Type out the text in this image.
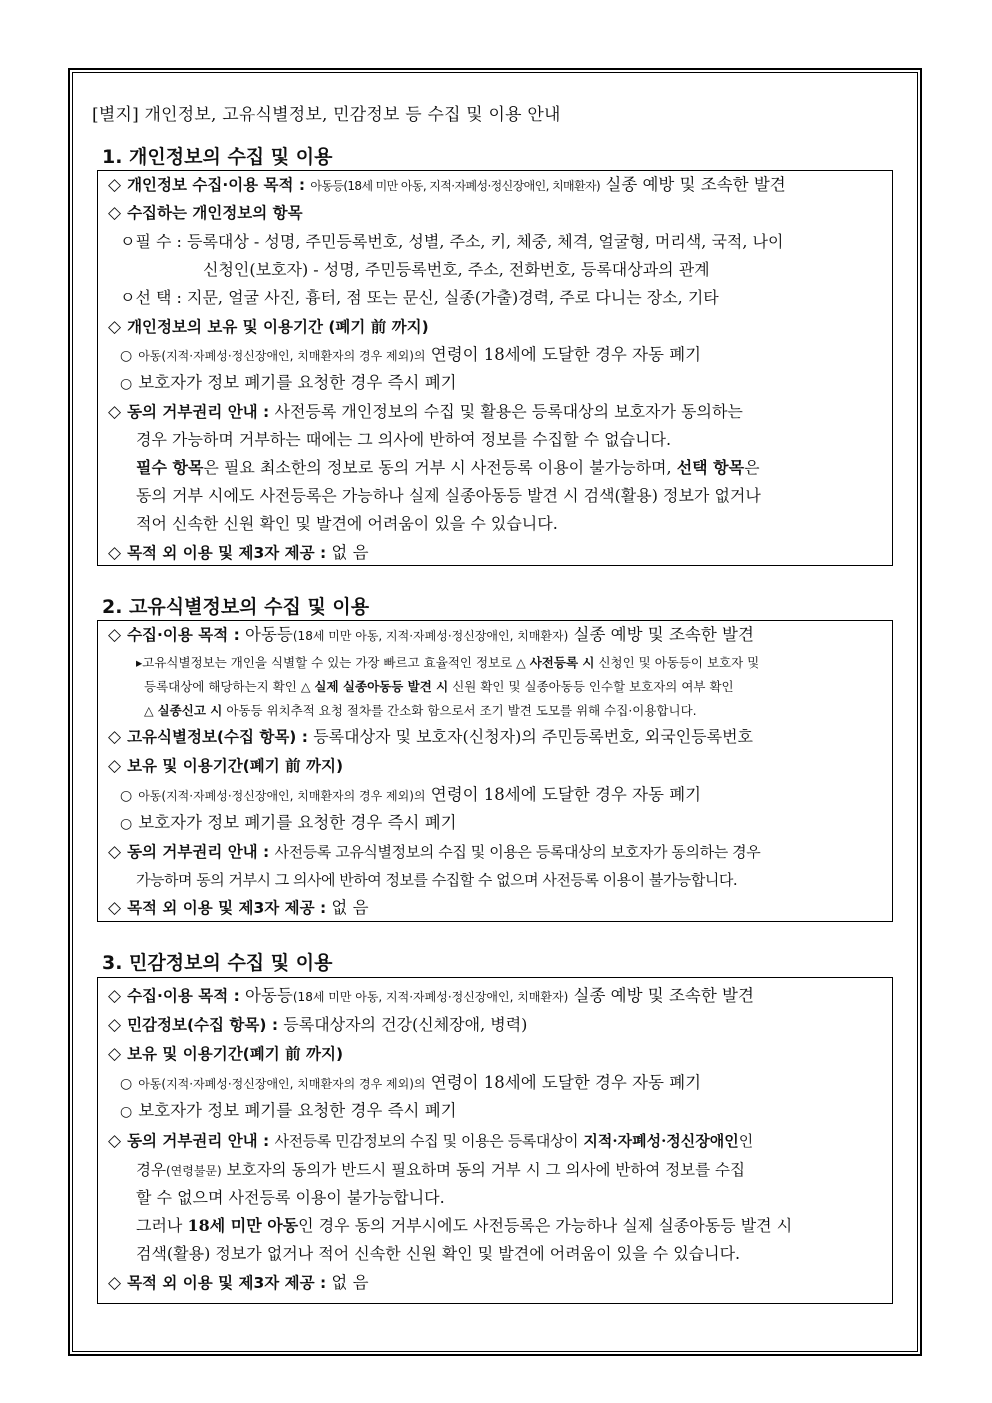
[별지] 개인정보, 고유식별정보, 민감정보 등 수집 및 이용 안내
1. 개인정보의 수집 및 이용
◇ 개인정보 수집·이용 목적 : 아동등(18세 미만 아동, 지적·자폐성·정신장애인, 치매환자) 실종 예방 및 조속한 발견
◇ 수집하는 개인정보의 항목
ㅇ필 수 : 등록대상 - 성명, 주민등록번호, 성별, 주소, 키, 체중, 체격, 얼굴형, 머리색, 국적, 나이
신청인(보호자) - 성명, 주민등록번호, 주소, 전화번호, 등록대상과의 관계
ㅇ선 택 : 지문, 얼굴 사진, 흉터, 점 또는 문신, 실종(가출)경력, 주로 다니는 장소, 기타
◇ 개인정보의 보유 및 이용기간 (폐기 前 까지)
○ 아동(지적·자폐성·정신장애인, 치매환자의 경우 제외)의 연령이 18세에 도달한 경우 자동 폐기
○ 보호자가 정보 폐기를 요청한 경우 즉시 폐기
◇ 동의 거부권리 안내 : 사전등록 개인정보의 수집 및 활용은 등록대상의 보호자가 동의하는
경우 가능하며 거부하는 때에는 그 의사에 반하여 정보를 수집할 수 없습니다.
필수 항목은 필요 최소한의 정보로 동의 거부 시 사전등록 이용이 불가능하며, 선택 항목은
동의 거부 시에도 사전등록은 가능하나 실제 실종아동등 발견 시 검색(활용) 정보가 없거나
적어 신속한 신원 확인 및 발견에 어려움이 있을 수 있습니다.
◇ 목적 외 이용 및 제3자 제공 : 없 음
2. 고유식별정보의 수집 및 이용
◇ 수집·이용 목적 : 아동등(18세 미만 아동, 지적·자폐성·정신장애인, 치매환자) 실종 예방 및 조속한 발견
▸고유식별정보는 개인을 식별할 수 있는 가장 빠르고 효율적인 정보로 △ 사전등록 시 신청인 및 아동등이 보호자 및
등록대상에 해당하는지 확인 △ 실제 실종아동등 발견 시 신원 확인 및 실종아동등 인수할 보호자의 여부 확인
△ 실종신고 시 아동등 위치추적 요청 절차를 간소화 함으로서 조기 발견 도모를 위해 수집·이용합니다.
◇ 고유식별정보(수집 항목) : 등록대상자 및 보호자(신청자)의 주민등록번호, 외국인등록번호
◇ 보유 및 이용기간(폐기 前 까지)
○ 아동(지적·자폐성·정신장애인, 치매환자의 경우 제외)의 연령이 18세에 도달한 경우 자동 폐기
○ 보호자가 정보 폐기를 요청한 경우 즉시 폐기
◇ 동의 거부권리 안내 : 사전등록 고유식별정보의 수집 및 이용은 등록대상의 보호자가 동의하는 경우
가능하며 동의 거부시 그 의사에 반하여 정보를 수집할 수 없으며 사전등록 이용이 불가능합니다.
◇ 목적 외 이용 및 제3자 제공 : 없 음
3. 민감정보의 수집 및 이용
◇ 수집·이용 목적 : 아동등(18세 미만 아동, 지적·자폐성·정신장애인, 치매환자) 실종 예방 및 조속한 발견
◇ 민감정보(수집 항목) : 등록대상자의 건강(신체장애, 병력)
◇ 보유 및 이용기간(폐기 前 까지)
○ 아동(지적·자폐성·정신장애인, 치매환자의 경우 제외)의 연령이 18세에 도달한 경우 자동 폐기
○ 보호자가 정보 폐기를 요청한 경우 즉시 폐기
◇ 동의 거부권리 안내 : 사전등록 민감정보의 수집 및 이용은 등록대상이 지적·자폐성·정신장애인인
경우(연령불문) 보호자의 동의가 반드시 필요하며 동의 거부 시 그 의사에 반하여 정보를 수집
할 수 없으며 사전등록 이용이 불가능합니다.
그러나 18세 미만 아동인 경우 동의 거부시에도 사전등록은 가능하나 실제 실종아동등 발견 시
검색(활용) 정보가 없거나 적어 신속한 신원 확인 및 발견에 어려움이 있을 수 있습니다.
◇ 목적 외 이용 및 제3자 제공 : 없 음
